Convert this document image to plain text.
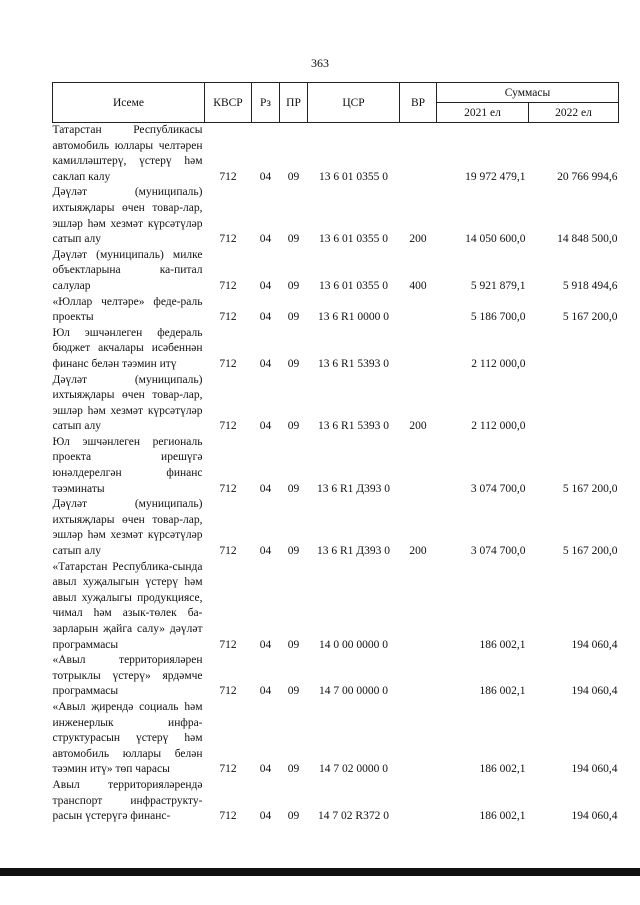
363
Исеме	КВСР	Рз	ПР	ЦСР	ВР	Суммасы	
						2021 ел	2022 ел
Татарстан Республикасы автомобиль юллары челтәрен камилләштерү, үстерү һәм саклап калу	712	04	09	13 6 01 0355 0		19 972 479,1	20 766 994,6
Дәүләт (муниципаль) ихтыяҗлары өчен товар-лар, эшләр һәм хезмәт күрсәтүләр сатып алу	712	04	09	13 6 01 0355 0	200	14 050 600,0	14 848 500,0
Дәүләт (муниципаль) милке объектларына ка-питал салулар	712	04	09	13 6 01 0355 0	400	5 921 879,1	5 918 494,6
«Юллар челтәре» феде-раль проекты	712	04	09	13 6 R1 0000 0		5 186 700,0	5 167 200,0
Юл эшчәнлеген федераль бюджет акчалары исәбеннән финанс белән тәэмин итү	712	04	09	13 6 R1 5393 0		2 112 000,0	
Дәүләт (муниципаль) ихтыяҗлары өчен товар-лар, эшләр һәм хезмәт күрсәтүләр сатып алу	712	04	09	13 6 R1 5393 0	200	2 112 000,0	
Юл эшчәнлеген региональ проекта ирешүгә юнәлдерелгән финанс тәэминаты	712	04	09	13 6 R1 Д393 0		3 074 700,0	5 167 200,0
Дәүләт (муниципаль) ихтыяҗлары өчен товар-лар, эшләр һәм хезмәт күрсәтүләр сатып алу	712	04	09	13 6 R1 Д393 0	200	3 074 700,0	5 167 200,0
«Татарстан Республика-сында авыл хуҗалыгын үстерү һәм авыл хуҗалыгы продукциясе, чимал һәм азык-төлек ба-зарларын җайга салу» дәүләт программасы	712	04	09	14 0 00 0000 0		186 002,1	194 060,4
«Авыл территорияләрен тотрыклы үстерү» ярдәмче программасы	712	04	09	14 7 00 0000 0		186 002,1	194 060,4
«Авыл җирендә социаль һәм инженерлык инфра-структурасын үстерү һәм автомобиль юллары белән тәэмин итү» төп чарасы	712	04	09	14 7 02 0000 0		186 002,1	194 060,4
Авыл территорияләрендә транспорт инфраструкту-расын үстерүгә финанс-	712	04	09	14 7 02 R372 0		186 002,1	194 060,4
